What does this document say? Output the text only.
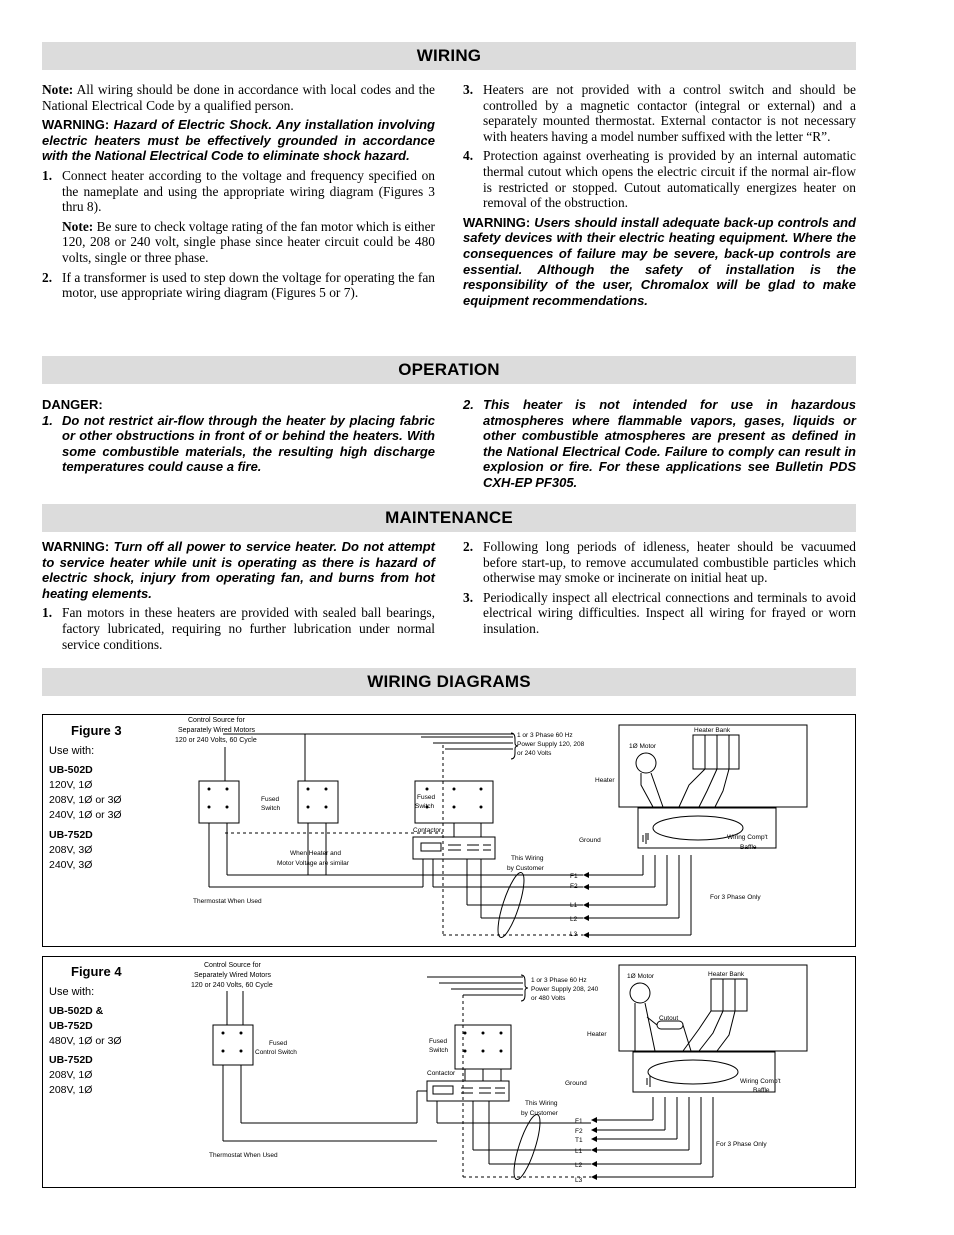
WIRING

Note: All wiring should be done in accordance with local codes and the National Electrical Code by a qualified person.

WARNING: Hazard of Electric Shock. Any installation involving electric heaters must be effectively grounded in accordance with the National Electrical Code to eliminate shock hazard.

1. Connect heater according to the voltage and frequency specified on the nameplate and using the appropriate wiring diagram (Figures 3 thru 8).

Note: Be sure to check voltage rating of the fan motor which is either 120, 208 or 240 volt, single phase since heater circuit could be 480 volts, single or three phase.

2. If a transformer is used to step down the voltage for operating the fan motor, use appropriate wiring diagram (Figures 5 or 7).
3. Heaters are not provided with a control switch and should be controlled by a magnetic contactor (integral or external) and a separately mounted thermostat. External contactor is not necessary with heaters having a model number suffixed with the letter “R”.
4. Protection against overheating is provided by an internal automatic thermal cutout which opens the electric circuit if the normal air-flow is restricted or stopped. Cutout automatically energizes heater on removal of the obstruction.

WARNING: Users should install adequate back-up controls and safety devices with their electric heating equipment. Where the consequences of failure may be severe, back-up controls are essential. Although the safety of installation is the responsibility of the user, Chromalox will be glad to make equipment recommendations.

OPERATION
DANGER:
1. Do not restrict air-flow through the heater by placing fabric or other obstructions in front of or behind the heaters. With some combustible materials, the resulting high discharge temperatures could cause a fire.
2. This heater is not intended for use in hazardous atmospheres where flammable vapors, gases, liquids or other combustible atmospheres are present as defined in the National Electrical Code. Failure to comply can result in explosion or fire. For these applications see Bulletin PDS CXH-EP PF305.
MAINTENANCE

WARNING: Turn off all power to service heater. Do not attempt to service heater while unit is operating as there is hazard of electric shock, injury from operating fan, and burns from hot heating elements.

1. Fan motors in these heaters are provided with sealed ball bearings, factory lubricated, requiring no further lubrication under normal service conditions.
2. Following long periods of idleness, heater should be vacuumed before start-up, to remove accumulated combustible particles which otherwise may smoke or incinerate on initial heat up.
3. Periodically inspect all electrical connections and terminals to avoid electrical wiring difficulties. Inspect all wiring for frayed or worn insulation.
WIRING DIAGRAMS
Figure 3
Use with:
UB-502D
120V, 1Ø
208V, 1Ø or 3Ø
240V, 1Ø or 3Ø
UB-752D
208V, 3Ø
240V, 3Ø
Control Source for
Separately Wired Motors
120 or 240 Volts, 60 Cycle
1 or 3 Phase 60 Hz
Power Supply 120, 208
or 240 Volts
Fused
Switch
Fused
Switch
Contactor
When Heater and
Motor Voltage are similar
Thermostat When Used
This Wiring
by Customer
F1
F2
L1
L2
L3
1Ø Motor
Heater Bank
Heater
Ground	Wiring Comp't
Baffle
For 3 Phase Only
Figure 4
Use with:
UB-502D &
UB-752D
480V, 1Ø or 3Ø
UB-752D
208V, 1Ø
208V, 1Ø
Control Source for
Separately Wired Motors
120 or 240 Volts, 60 Cycle
1 or 3 Phase 60 Hz
Power Supply 208, 240
or 480 Volts
Fused
Control Switch
Fused
Switch
Contactor
Thermostat When Used
This Wiring
by Customer
F1
F2
T1
L1
L2
L3
1Ø Motor	Heater Bank
Cutout
Heater
Ground	Wiring Comp't
Baffle
For 3 Phase Only
